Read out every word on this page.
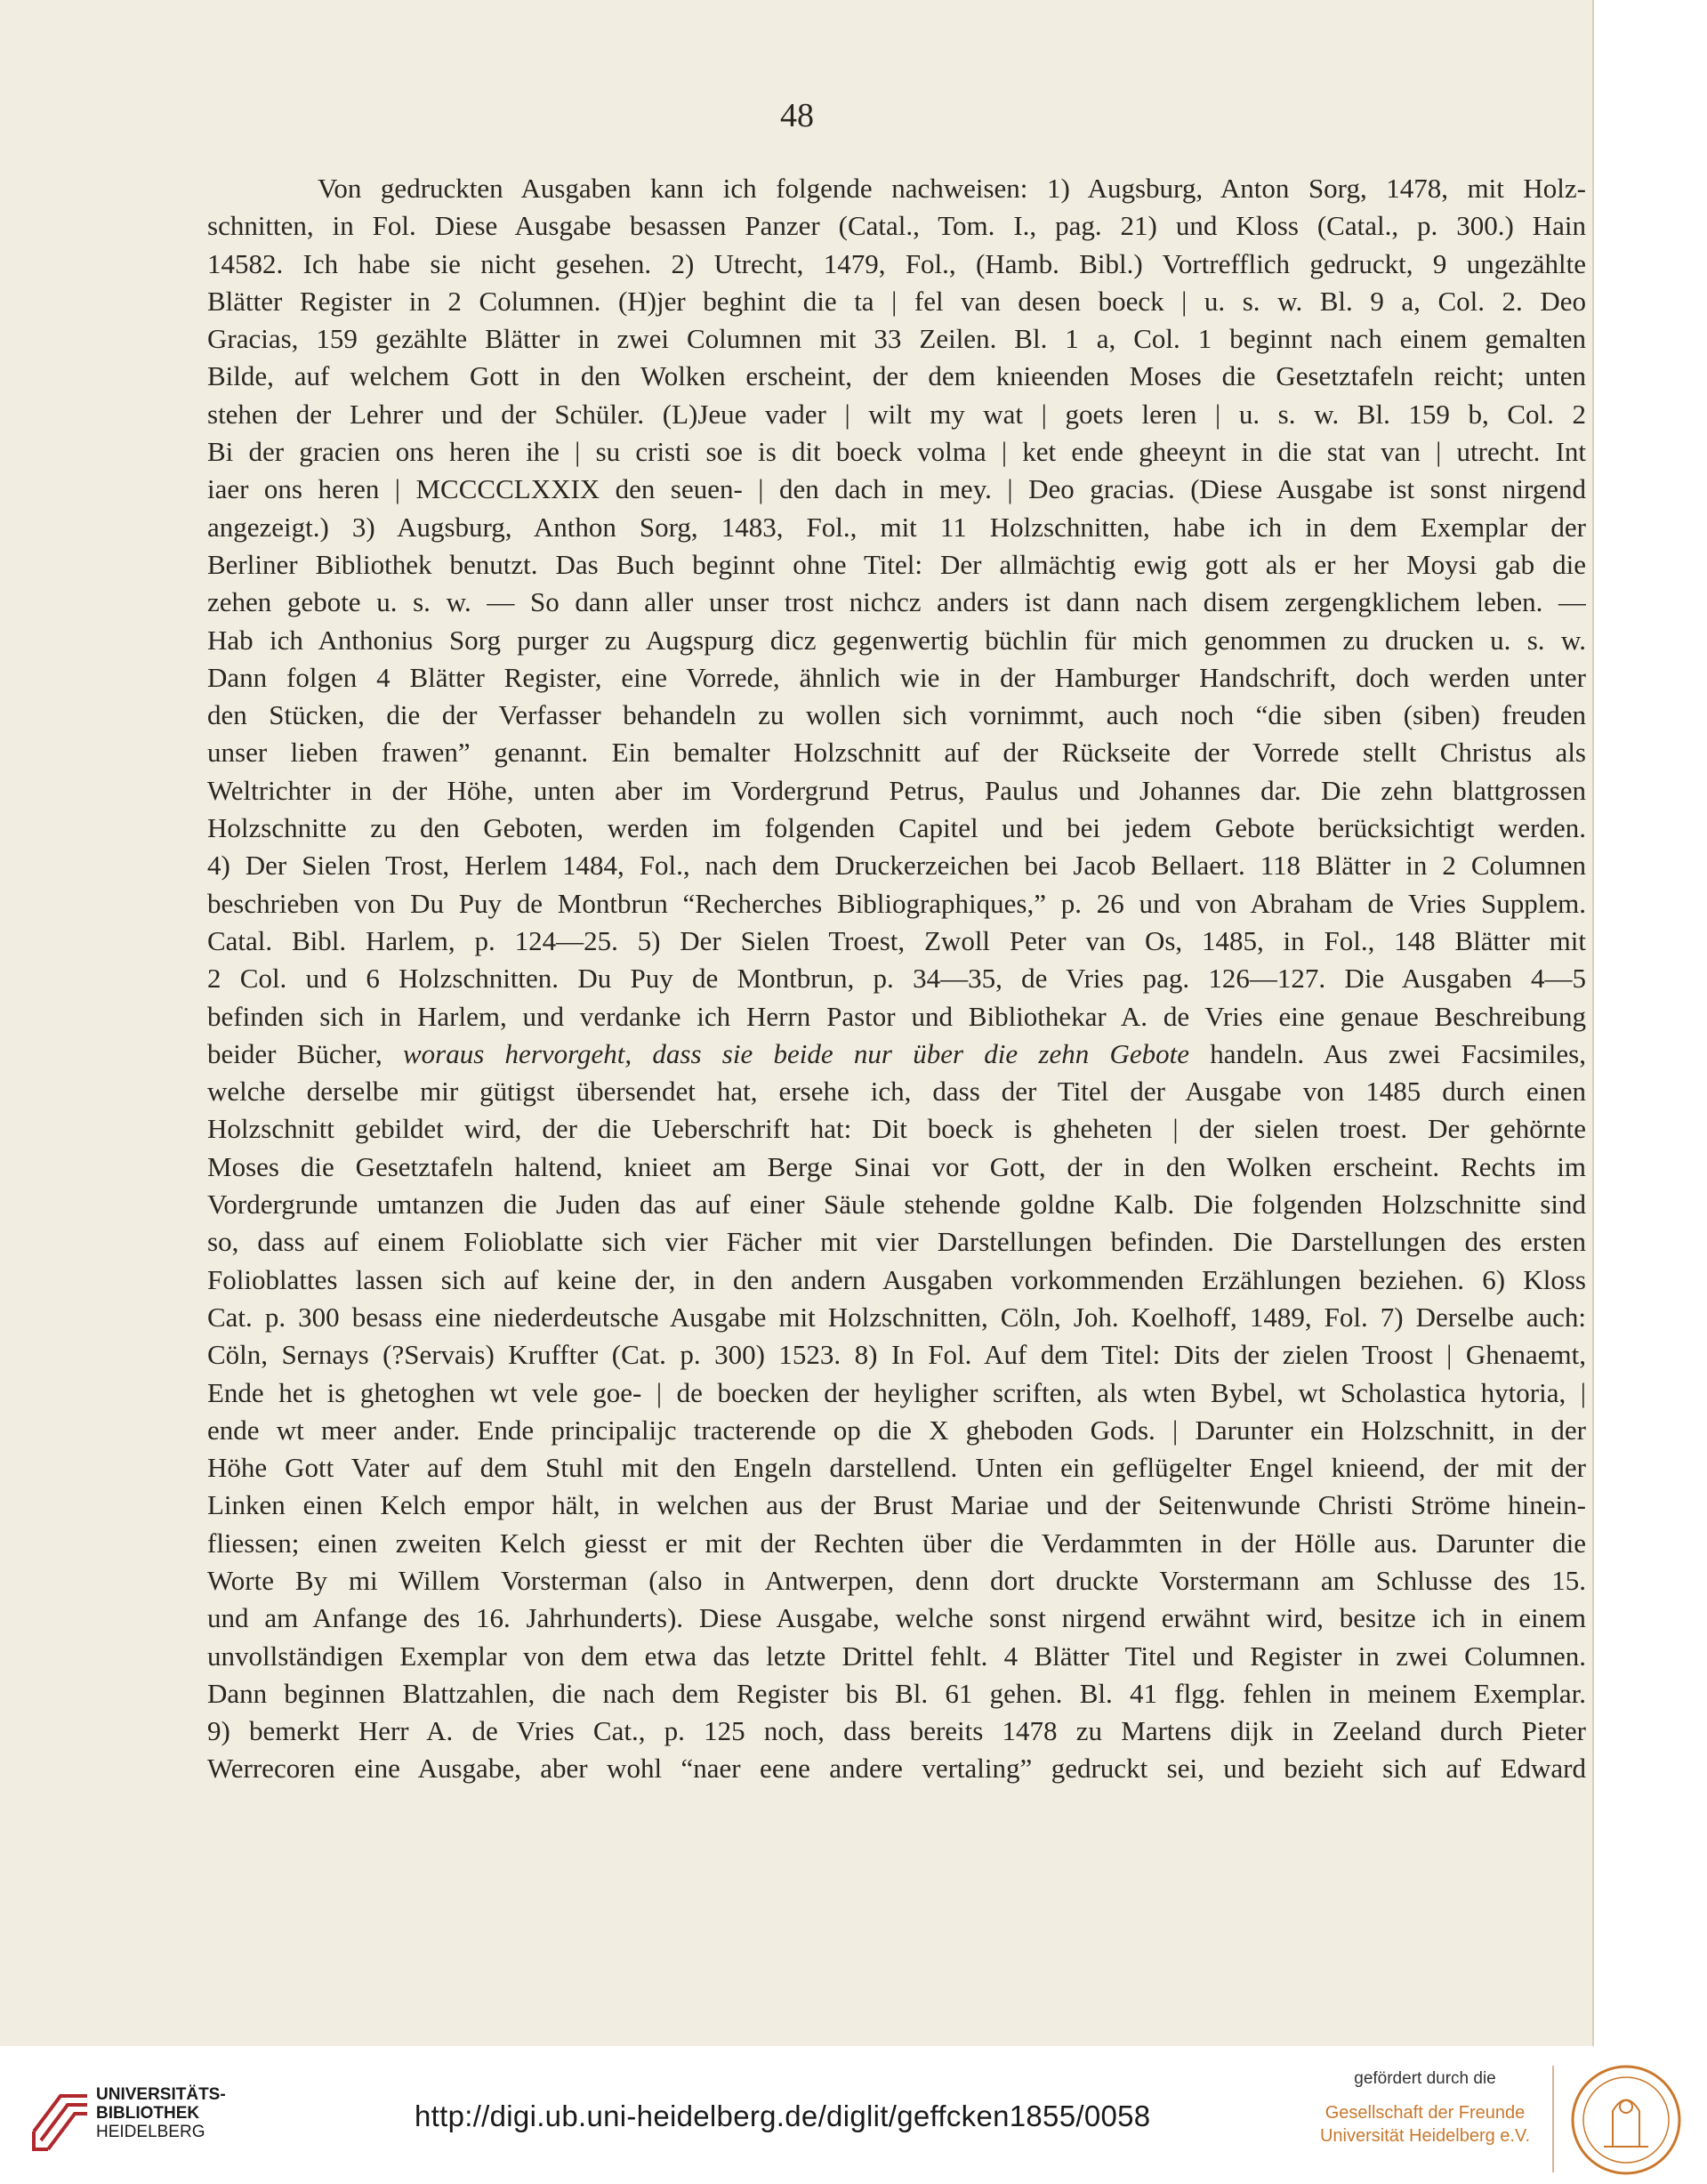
48
Von gedruckten Ausgaben kann ich folgende nachweisen: 1) Augsburg, Anton Sorg, 1478, mit Holz-
schnitten, in Fol. Diese Ausgabe besassen Panzer (Catal., Tom. I., pag. 21) und Kloss (Catal., p. 300.) Hain
14582. Ich habe sie nicht gesehen. 2) Utrecht, 1479, Fol., (Hamb. Bibl.) Vortrefflich gedruckt, 9 ungezählte
Blätter Register in 2 Columnen. (H)jer beghint die ta | fel van desen boeck | u. s. w. Bl. 9 a, Col. 2. Deo
Gracias, 159 gezählte Blätter in zwei Columnen mit 33 Zeilen. Bl. 1 a, Col. 1 beginnt nach einem gemalten
Bilde, auf welchem Gott in den Wolken erscheint, der dem knieenden Moses die Gesetztafeln reicht; unten
stehen der Lehrer und der Schüler. (L)Jeue vader | wilt my wat | goets leren | u. s. w. Bl. 159 b, Col. 2
Bi der gracien ons heren ihe | su cristi soe is dit boeck volma | ket ende gheeynt in die stat van | utrecht. Int
iaer ons heren | MCCCCLXXIX den seuen- | den dach in mey. | Deo gracias. (Diese Ausgabe ist sonst nirgend
angezeigt.) 3) Augsburg, Anthon Sorg, 1483, Fol., mit 11 Holzschnitten, habe ich in dem Exemplar der
Berliner Bibliothek benutzt. Das Buch beginnt ohne Titel: Der allmächtig ewig gott als er her Moysi gab die
zehen gebote u. s. w. — So dann aller unser trost nichcz anders ist dann nach disem zergengklichem leben. —
Hab ich Anthonius Sorg purger zu Augspurg dicz gegenwertig büchlin für mich genommen zu drucken u. s. w.
Dann folgen 4 Blätter Register, eine Vorrede, ähnlich wie in der Hamburger Handschrift, doch werden unter
den Stücken, die der Verfasser behandeln zu wollen sich vornimmt, auch noch “die siben (siben) freuden
unser lieben frawen” genannt. Ein bemalter Holzschnitt auf der Rückseite der Vorrede stellt Christus als
Weltrichter in der Höhe, unten aber im Vordergrund Petrus, Paulus und Johannes dar. Die zehn blattgrossen
Holzschnitte zu den Geboten, werden im folgenden Capitel und bei jedem Gebote berücksichtigt werden.
4) Der Sielen Trost, Herlem 1484, Fol., nach dem Druckerzeichen bei Jacob Bellaert. 118 Blätter in 2 Columnen
beschrieben von Du Puy de Montbrun “Recherches Bibliographiques,” p. 26 und von Abraham de Vries Supplem.
Catal. Bibl. Harlem, p. 124—25. 5) Der Sielen Troest, Zwoll Peter van Os, 1485, in Fol., 148 Blätter mit
2 Col. und 6 Holzschnitten. Du Puy de Montbrun, p. 34—35, de Vries pag. 126—127. Die Ausgaben 4—5
befinden sich in Harlem, und verdanke ich Herrn Pastor und Bibliothekar A. de Vries eine genaue Beschreibung
beider Bücher, woraus hervorgeht, dass sie beide nur über die zehn Gebote handeln. Aus zwei Facsimiles,
welche derselbe mir gütigst übersendet hat, ersehe ich, dass der Titel der Ausgabe von 1485 durch einen
Holzschnitt gebildet wird, der die Ueberschrift hat: Dit boeck is gheheten | der sielen troest. Der gehörnte
Moses die Gesetztafeln haltend, knieet am Berge Sinai vor Gott, der in den Wolken erscheint. Rechts im
Vordergrunde umtanzen die Juden das auf einer Säule stehende goldne Kalb. Die folgenden Holzschnitte sind
so, dass auf einem Folioblatte sich vier Fächer mit vier Darstellungen befinden. Die Darstellungen des ersten
Folioblattes lassen sich auf keine der, in den andern Ausgaben vorkommenden Erzählungen beziehen. 6) Kloss
Cat. p. 300 besass eine niederdeutsche Ausgabe mit Holzschnitten, Cöln, Joh. Koelhoff, 1489, Fol. 7) Derselbe auch:
Cöln, Sernays (?Servais) Kruffter (Cat. p. 300) 1523. 8) In Fol. Auf dem Titel: Dits der zielen Troost | Ghenaemt,
Ende het is ghetoghen wt vele goe- | de boecken der heyligher scriften, als wten Bybel, wt Scholastica hytoria, |
ende wt meer ander. Ende principalijc tracterende op die X gheboden Gods. | Darunter ein Holzschnitt, in der
Höhe Gott Vater auf dem Stuhl mit den Engeln darstellend. Unten ein geflügelter Engel knieend, der mit der
Linken einen Kelch empor hält, in welchen aus der Brust Mariae und der Seitenwunde Christi Ströme hinein-
fliessen; einen zweiten Kelch giesst er mit der Rechten über die Verdammten in der Hölle aus. Darunter die
Worte By mi Willem Vorsterman (also in Antwerpen, denn dort druckte Vorstermann am Schlusse des 15.
und am Anfange des 16. Jahrhunderts). Diese Ausgabe, welche sonst nirgend erwähnt wird, besitze ich in einem
unvollständigen Exemplar von dem etwa das letzte Drittel fehlt. 4 Blätter Titel und Register in zwei Columnen.
Dann beginnen Blattzahlen, die nach dem Register bis Bl. 61 gehen. Bl. 41 flgg. fehlen in meinem Exemplar.
9) bemerkt Herr A. de Vries Cat., p. 125 noch, dass bereits 1478 zu Martens dijk in Zeeland durch Pieter
Werrecoren eine Ausgabe, aber wohl “naer eene andere vertaling” gedruckt sei, und bezieht sich auf Edward
UNIVERSITÄTS-
BIBLIOTHEK
HEIDELBERG	http://digi.ub.uni-heidelberg.de/diglit/geffcken1855/0058
gefördert durch die
Gesellschaft der Freunde
Universität Heidelberg e.V.
